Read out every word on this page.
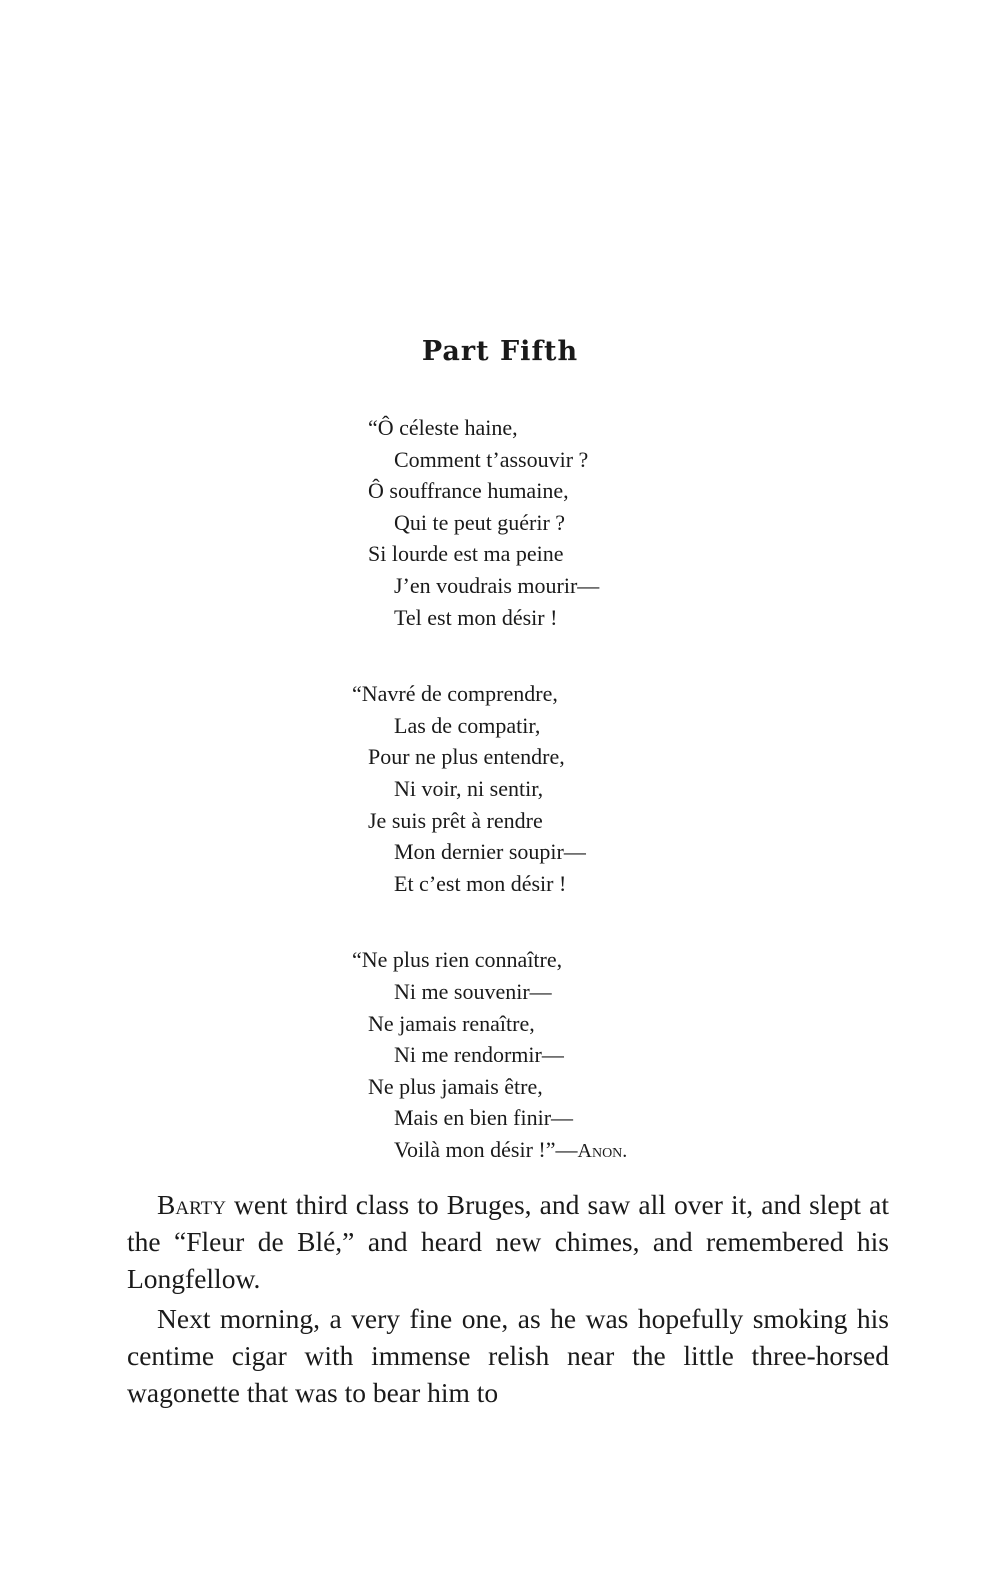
Part Fifth
“Ô céleste haine,
Comment t’assouvir ?
Ô souffrance humaine,
Qui te peut guérir ?
Si lourde est ma peine
J’en voudrais mourir—
Tel est mon désir !
“Navré de comprendre,
Las de compatir,
Pour ne plus entendre,
Ni voir, ni sentir,
Je suis prêt à rendre
Mon dernier soupir—
Et c’est mon désir !
“Ne plus rien connaître,
Ni me souvenir—
Ne jamais renaître,
Ni me rendormir—
Ne plus jamais être,
Mais en bien finir—
Voilà mon désir !”—Anon.

Barty went third class to Bruges, and saw all over it, and slept at the “Fleur de Blé,” and heard new chimes, and remembered his Longfellow.

Next morning, a very fine one, as he was hopefully smoking his centime cigar with immense relish near the little three-horsed wagonette that was to bear him to
